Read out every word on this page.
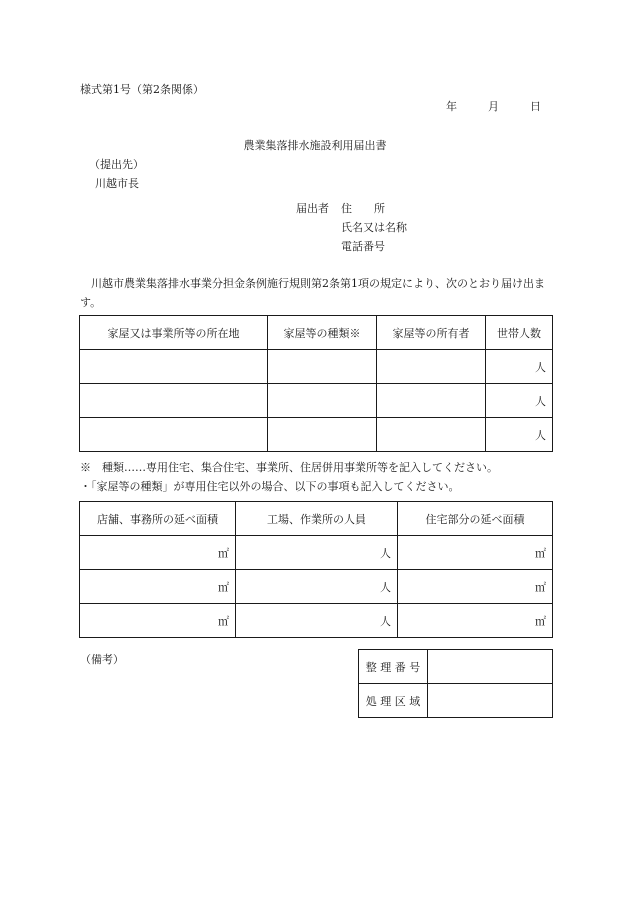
様式第1号（第2条関係）
年	月	日
農業集落排水施設利用届出書
（提出先）
川越市長
届出者 住　　所
氏名又は名称
電話番号
川越市農業集落排水事業分担金条例施行規則第2条第1項の規定により、次のとおり届け出ます。
家屋又は事業所等の所在地	家屋等の種類※	家屋等の所有者	世帯人数
			人
			人
			人
※　種類……専用住宅、集合住宅、事業所、住居併用事業所等を記入してください。
・「家屋等の種類」が専用住宅以外の場合、以下の事項も記入してください。
店舗、事務所の延べ面積	工場、作業所の人員	住宅部分の延べ面積
㎡	人	㎡
㎡	人	㎡
㎡	人	㎡
（備考）
整 理 番 号	
処 理 区 域	
